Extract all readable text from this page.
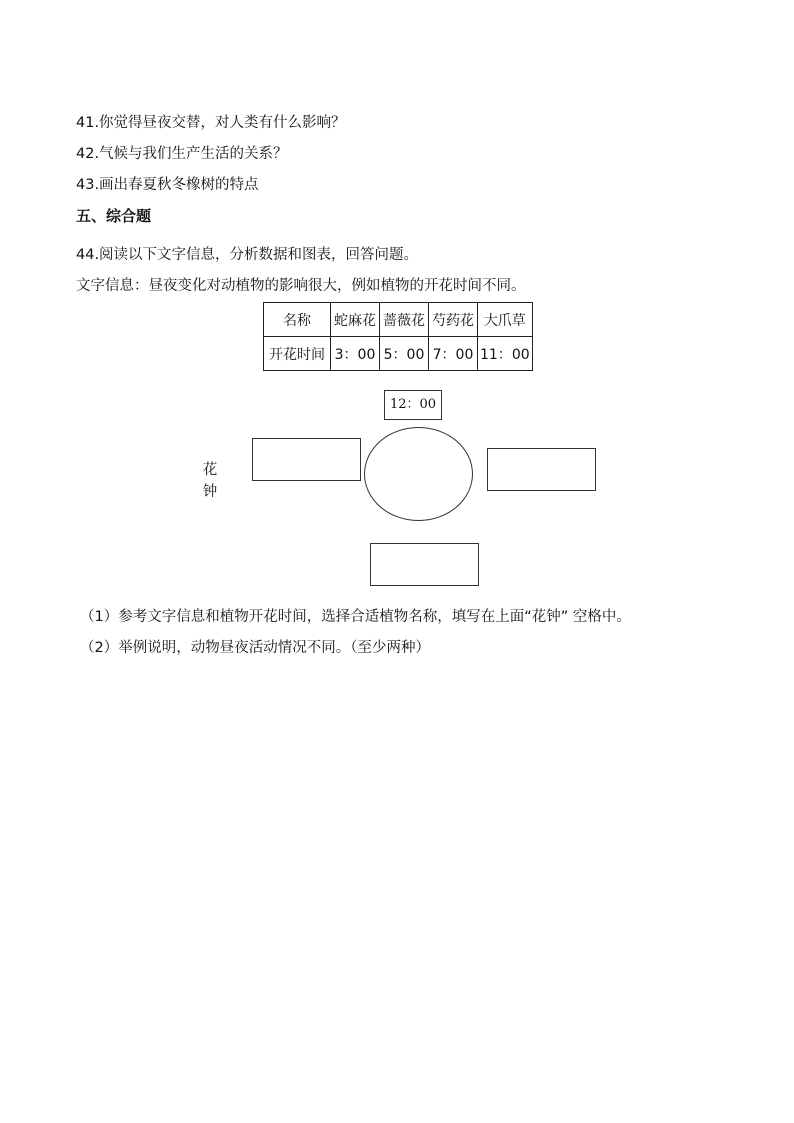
41.你觉得昼夜交替，对人类有什么影响？
42.气候与我们生产生活的关系？
43.画出春夏秋冬橡树的特点
五、综合题
44.阅读以下文字信息，分析数据和图表，回答问题。
文字信息：昼夜变化对动植物的影响很大，例如植物的开花时间不同。
名称	蛇麻花	蔷薇花	芍药花	大爪草
开花时间	3：00	5：00	7：00	11：00
12：00
花
钟
（1）参考文字信息和植物开花时间，选择合适植物名称，填写在上面“花钟” 空格中。
（2）举例说明，动物昼夜活动情况不同。（至少两种）
